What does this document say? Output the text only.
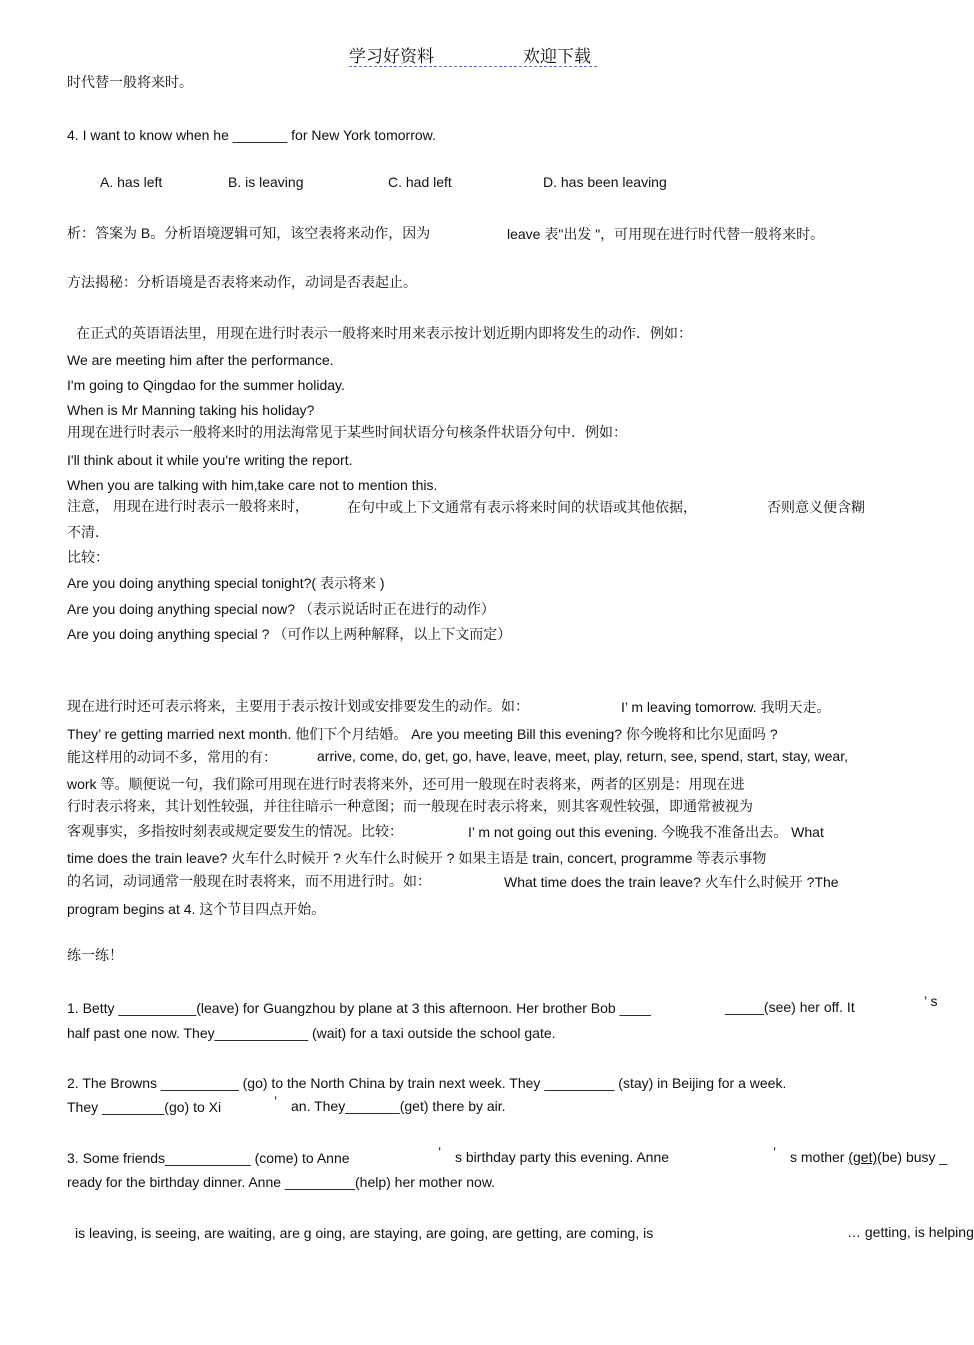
学习好资料	欢迎下载
时代替一般将来时。
4. I want to know when he _______ for New York tomorrow.
A. has left	B. is leaving	C. had left	D. has been leaving
析：答案为 B。分析语境逻辑可知，该空表将来动作，因为	leave 表"出发 "，可用现在进行时代替一般将来时。
方法揭秘：分析语境是否表将来动作，动词是否表起止。
在正式的英语语法里，用现在进行时表示一般将来时用来表示按计划近期内即将发生的动作．例如：
We are meeting him after the performance.
I'm going to Qingdao for the summer holiday.
When is Mr Manning taking his holiday?
用现在进行时表示一般将来时的用法海常见于某些时间状语分句核条件状语分句中．例如：
I'll think about it while you're writing the report.
When you are talking with him,take care not to mention this.
注意， 用现在进行时表示一般将来时，	在句中或上下文通常有表示将来时间的状语或其他依据，	否则意义便含糊
不清．
比较：
Are you doing anything special tonight?( 表示将来 )
Are you doing anything special now? （表示说话时正在进行的动作）
Are you doing anything special ? （可作以上两种解释，以上下文而定）
现在进行时还可表示将来，主要用于表示按计划或安排要发生的动作。如：	I’ m leaving tomorrow. 我明天走。
They’ re getting married next month. 他们下个月结婚。 Are you meeting Bill this evening? 你今晚将和比尔见面吗 ?
能这样用的动词不多，常用的有：	arrive, come, do, get, go, have, leave, meet, play, return, see, spend, start, stay, wear,
work 等。顺便说一句，我们除可用现在进行时表将来外，还可用一般现在时表将来，两者的区别是：用现在进
行时表示将来，其计划性较强，并往往暗示一种意图；而一般现在时表示将来，则其客观性较强，即通常被视为
客观事实，多指按时刻表或规定要发生的情况。比较：	I’ m not going out this evening. 今晚我不准备出去。 What
time does the train leave? 火车什么时候开 ? 火车什么时候开 ? 如果主语是 train, concert, programme 等表示事物
的名词，动词通常一般现在时表将来，而不用进行时。如：	What time does the train leave? 火车什么时候开 ?The
program begins at 4. 这个节目四点开始。
练一练！
1. Betty __________(leave) for Guangzhou by plane at 3 this afternoon. Her brother Bob ____	_____(see) her off. It	’ s
half past one now. They____________ (wait) for a taxi outside the school gate.
2. The Browns __________ (go) to the North China by train next week. They _________ (stay) in Beijing for a week.
They ________(go) to Xi	’ an. They_______(get) there by air.
3. Some friends___________ (come) to Anne	’ s birthday party this evening. Anne	’ s mother (get)(be) busy _
ready for the birthday dinner. Anne _________(help) her mother now.
is leaving, is seeing, are waiting, are g oing, are staying, are going, are getting, are coming, is	… getting, is helping
